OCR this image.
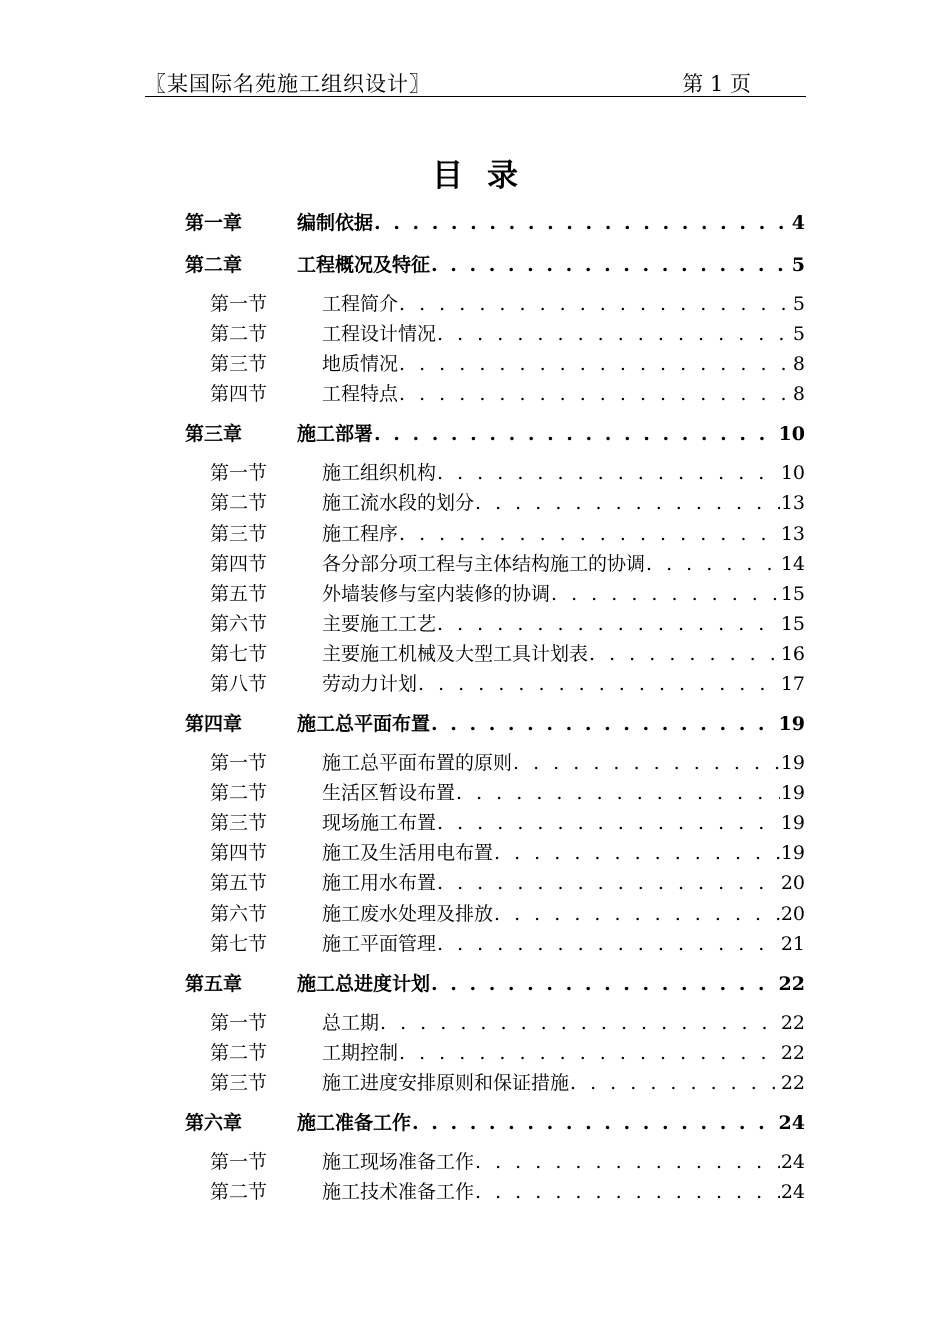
〖某国际名苑施工组织设计〗	第 1 页
目录
第一章	编制依据 . . .	4
第二章	工程概况及特征 . . .	5
第一节	工程简介 . . .	5
第二节	工程设计情况 . . .	5
第三节	地质情况 . . .	8
第四节	工程特点 . . .	8
第三章	施工部署 . . .	10
第一节	施工组织机构 . . .	10
第二节	施工流水段的划分 . . .	13
第三节	施工程序 . . .	13
第四节	各分部分项工程与主体结构施工的协调 . . .	14
第五节	外墙装修与室内装修的协调 . . .	15
第六节	主要施工工艺 . . .	15
第七节	主要施工机械及大型工具计划表 . . .	16
第八节	劳动力计划 . . .	17
第四章	施工总平面布置 . . .	19
第一节	施工总平面布置的原则 . . .	19
第二节	生活区暂设布置 . . .	19
第三节	现场施工布置 . . .	19
第四节	施工及生活用电布置 . . .	19
第五节	施工用水布置 . . .	20
第六节	施工废水处理及排放 . . .	20
第七节	施工平面管理 . . .	21
第五章	施工总进度计划 . . .	22
第一节	总工期 . . .	22
第二节	工期控制 . . .	22
第三节	施工进度安排原则和保证措施 . . .	22
第六章	施工准备工作 . . .	24
第一节	施工现场准备工作 . . .	24
第二节	施工技术准备工作 . . .	24
